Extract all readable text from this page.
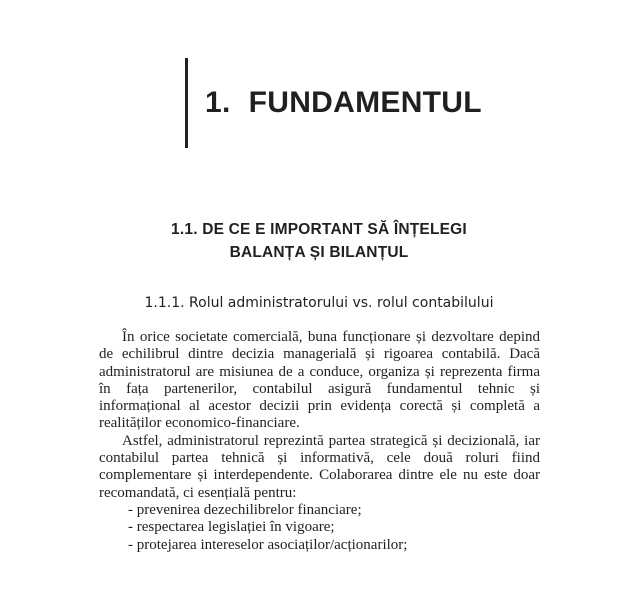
1. FUNDAMENTUL
1.1. DE CE E IMPORTANT SĂ ÎNȚELEGI
BALANȚA ȘI BILANȚUL
1.1.1. Rolul administratorului vs. rolul contabilului

În orice societate comercială, buna funcționare și dezvoltare depind de echilibrul dintre decizia managerială și rigoarea contabilă. Dacă administratorul are misiunea de a conduce, organiza și reprezenta firma în fața partenerilor, contabilul asigură fundamentul tehnic și informațional al acestor decizii prin evidența corectă și completă a realităților economico-financiare.

Astfel, administratorul reprezintă partea strategică și decizională, iar contabilul partea tehnică și informativă, cele două roluri fiind complementare și interdependente. Colaborarea dintre ele nu este doar recomandată, ci esențială pentru:

- prevenirea dezechilibrelor financiare;
- respectarea legislației în vigoare;
- protejarea intereselor asociaților/acționarilor;
